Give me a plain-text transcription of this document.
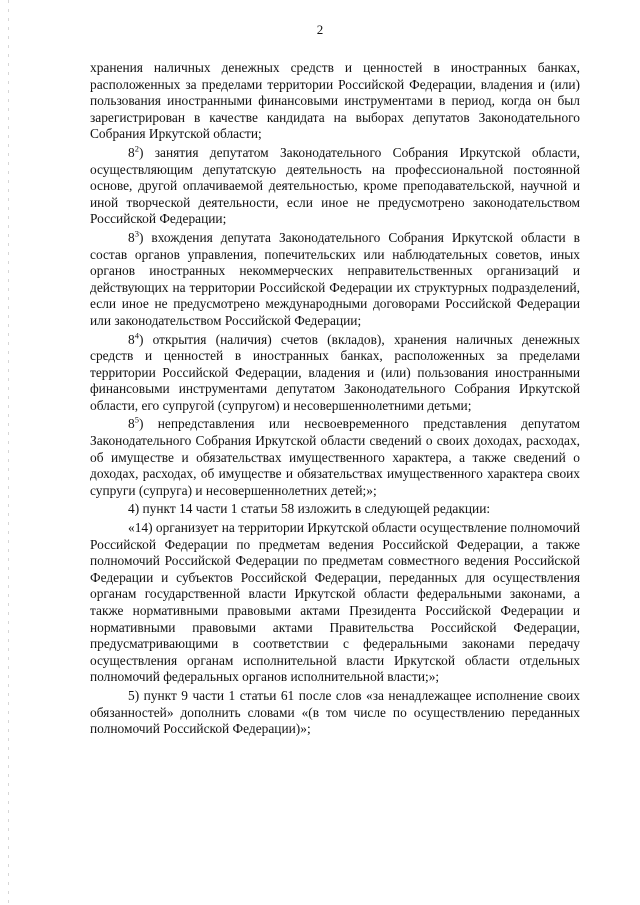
2

хранения наличных денежных средств и ценностей в иностранных банках, расположенных за пределами территории Российской Федерации, владения и (или) пользования иностранными финансовыми инструментами в период, когда он был зарегистрирован в качестве кандидата на выборах депутатов Законодательного Собрания Иркутской области;

$8^2$) занятия депутатом Законодательного Собрания Иркутской области, осуществляющим депутатскую деятельность на профессиональной постоянной основе, другой оплачиваемой деятельностью, кроме преподавательской, научной и иной творческой деятельности, если иное не предусмотрено законодательством Российской Федерации;

$8^3$) вхождения депутата Законодательного Собрания Иркутской области в состав органов управления, попечительских или наблюдательных советов, иных органов иностранных некоммерческих неправительственных организаций и действующих на территории Российской Федерации их структурных подразделений, если иное не предусмотрено международными договорами Российской Федерации или законодательством Российской Федерации;

$8^4$) открытия (наличия) счетов (вкладов), хранения наличных денежных средств и ценностей в иностранных банках, расположенных за пределами территории Российской Федерации, владения и (или) пользования иностранными финансовыми инструментами депутатом Законодательного Собрания Иркутской области, его супругой (супругом) и несовершеннолетними детьми;

$8^5$) непредставления или несвоевременного представления депутатом Законодательного Собрания Иркутской области сведений о своих доходах, расходах, об имуществе и обязательствах имущественного характера, а также сведений о доходах, расходах, об имуществе и обязательствах имущественного характера своих супруги (супруга) и несовершеннолетних детей;»;

4) пункт 14 части 1 статьи 58 изложить в следующей редакции:

«14) организует на территории Иркутской области осуществление полномочий Российской Федерации по предметам ведения Российской Федерации, а также полномочий Российской Федерации по предметам совместного ведения Российской Федерации и субъектов Российской Федерации, переданных для осуществления органам государственной власти Иркутской области федеральными законами, а также нормативными правовыми актами Президента Российской Федерации и нормативными правовыми актами Правительства Российской Федерации, предусматривающими в соответствии с федеральными законами передачу осуществления органам исполнительной власти Иркутской области отдельных полномочий федеральных органов исполнительной власти;»;

5) пункт 9 части 1 статьи 61 после слов «за ненадлежащее исполнение своих обязанностей» дополнить словами «(в том числе по осуществлению переданных полномочий Российской Федерации)»;
